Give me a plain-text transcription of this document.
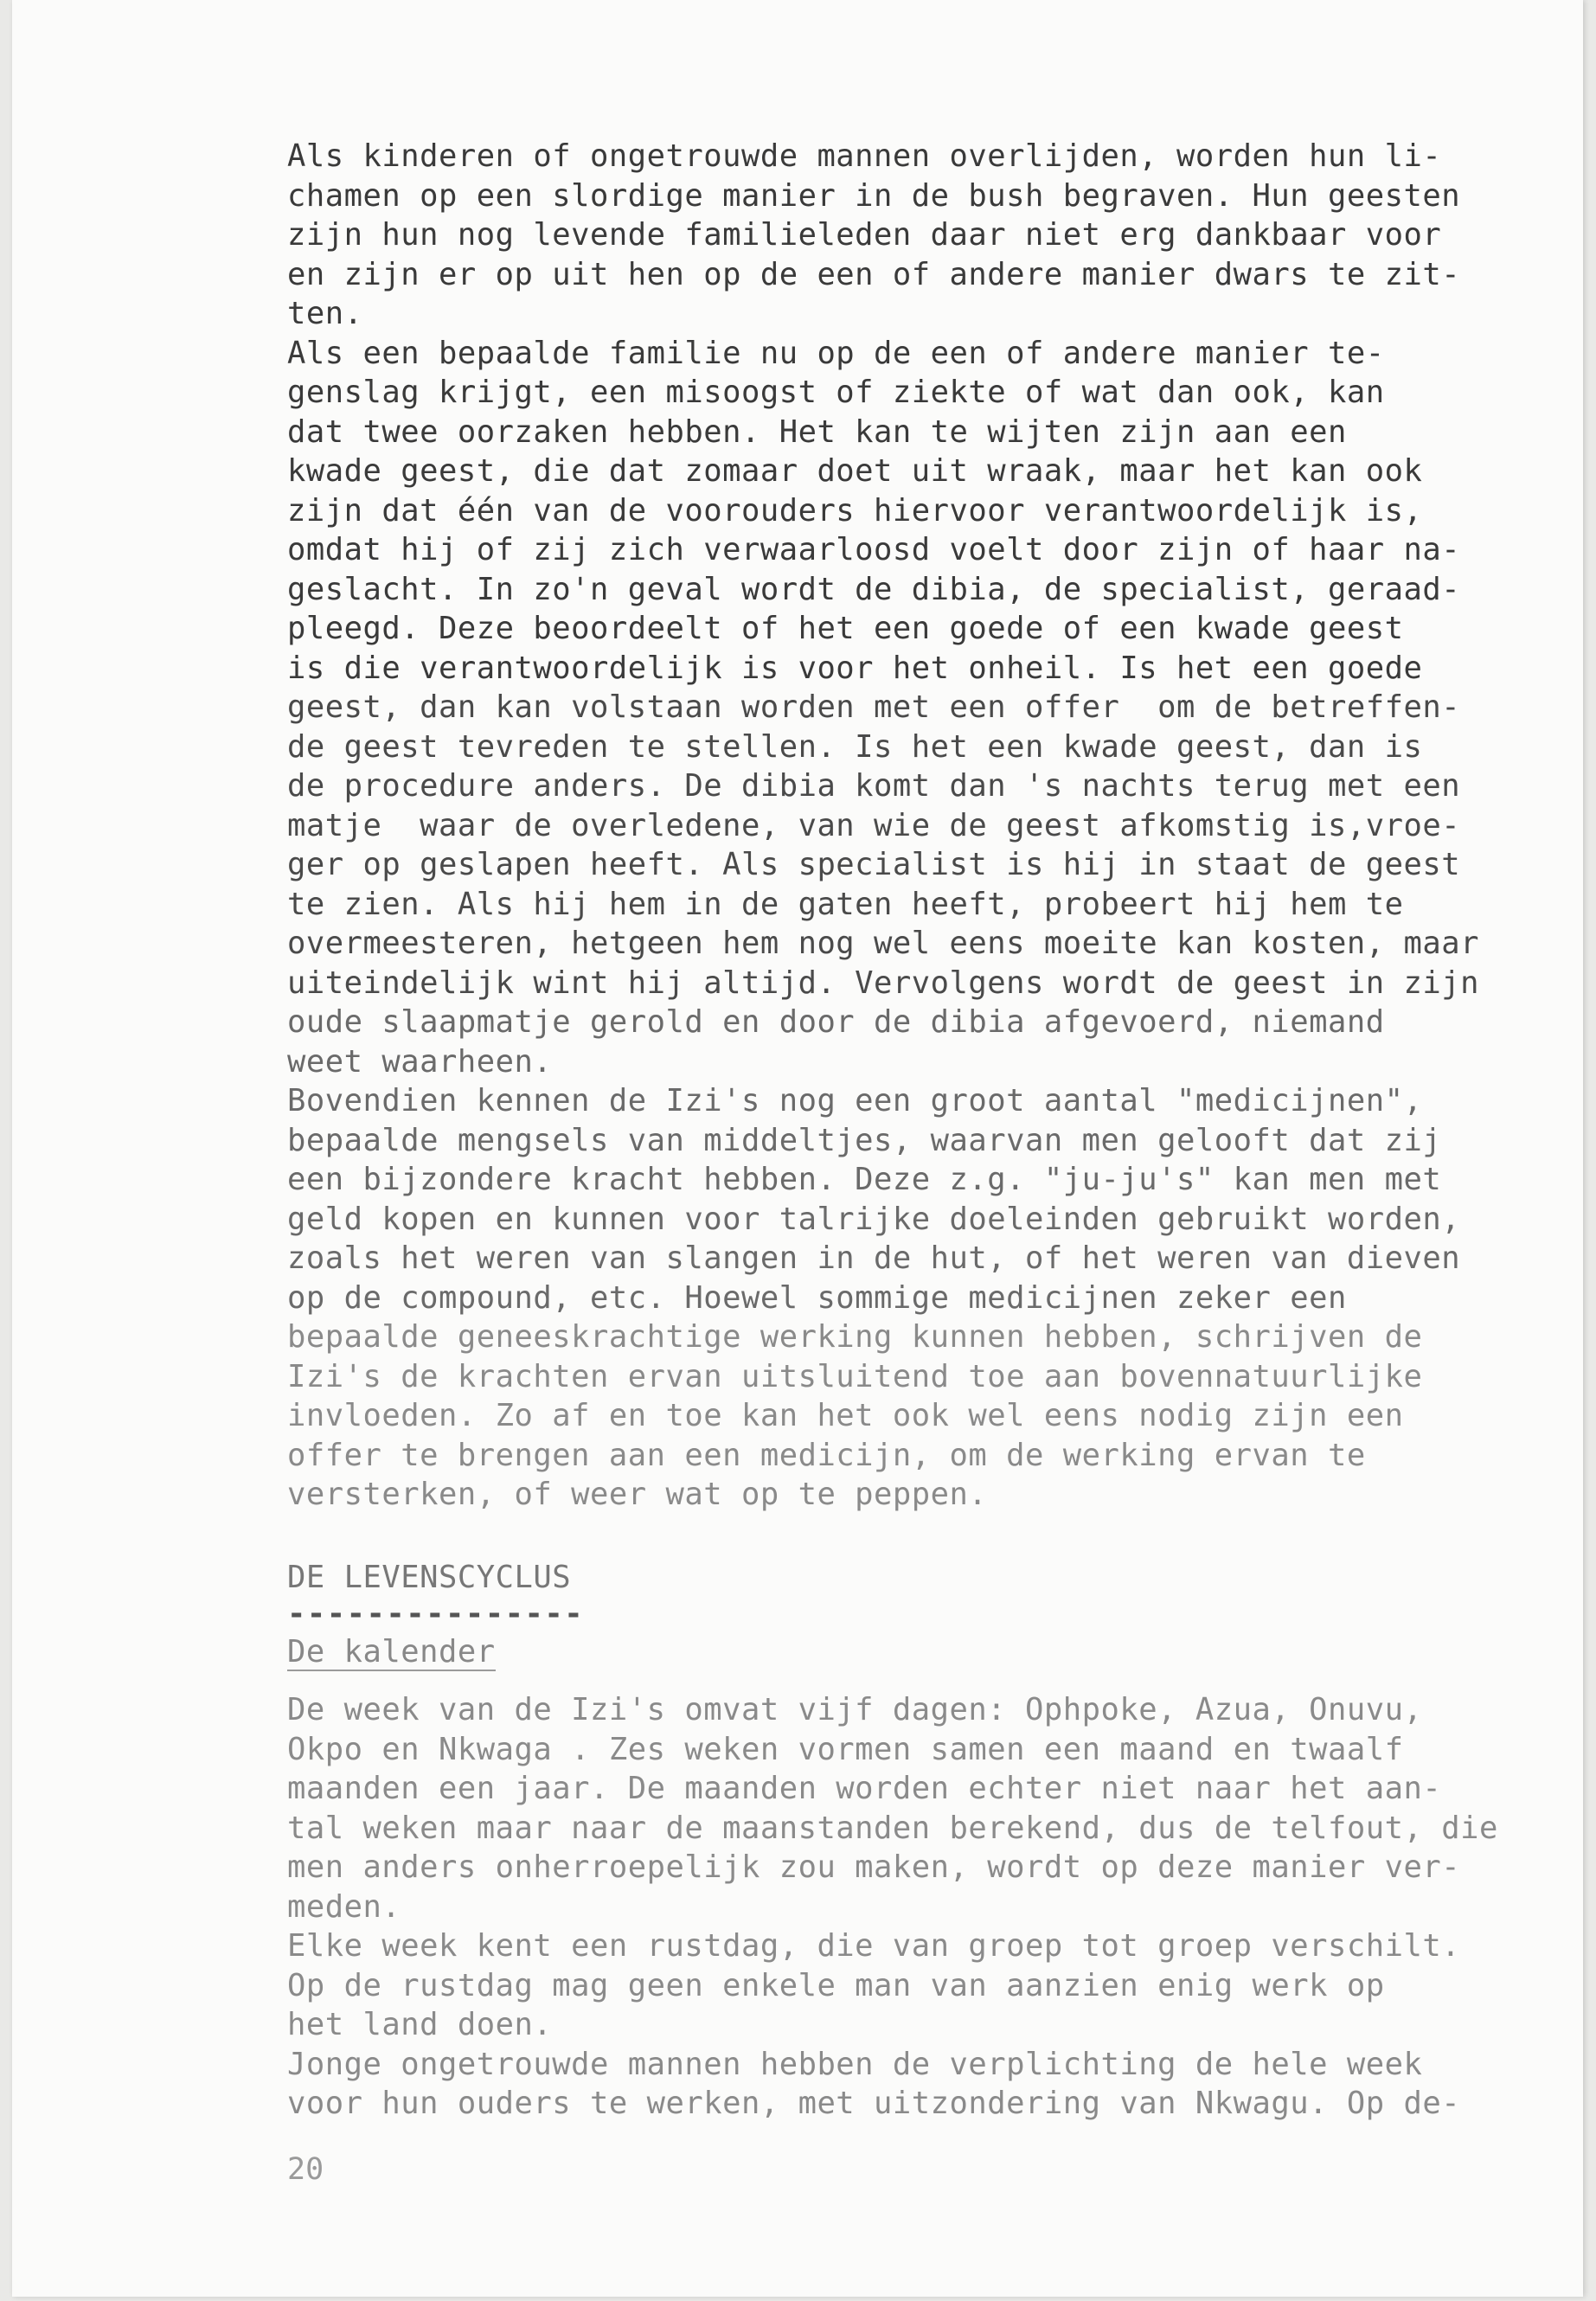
Als kinderen of ongetrouwde mannen overlijden, worden hun li-
chamen op een slordige manier in de bush begraven. Hun geesten
zijn hun nog levende familieleden daar niet erg dankbaar voor
en zijn er op uit hen op de een of andere manier dwars te zit-
ten.
Als een bepaalde familie nu op de een of andere manier te-
genslag krijgt, een misoogst of ziekte of wat dan ook, kan
dat twee oorzaken hebben. Het kan te wijten zijn aan een
kwade geest, die dat zomaar doet uit wraak, maar het kan ook
zijn dat één van de voorouders hiervoor verantwoordelijk is,
omdat hij of zij zich verwaarloosd voelt door zijn of haar na-
geslacht. In zo'n geval wordt de dibia, de specialist, geraad-
pleegd. Deze beoordeelt of het een goede of een kwade geest
is die verantwoordelijk is voor het onheil. Is het een goede
geest, dan kan volstaan worden met een offer  om de betreffen-
de geest tevreden te stellen. Is het een kwade geest, dan is
de procedure anders. De dibia komt dan 's nachts terug met een
matje  waar de overledene, van wie de geest afkomstig is,vroe-
ger op geslapen heeft. Als specialist is hij in staat de geest
te zien. Als hij hem in de gaten heeft, probeert hij hem te
overmeesteren, hetgeen hem nog wel eens moeite kan kosten, maar
uiteindelijk wint hij altijd. Vervolgens wordt de geest in zijn
oude slaapmatje gerold en door de dibia afgevoerd, niemand
weet waarheen.
Bovendien kennen de Izi's nog een groot aantal "medicijnen",
bepaalde mengsels van middeltjes, waarvan men gelooft dat zij
een bijzondere kracht hebben. Deze z.g. "ju-ju's" kan men met
geld kopen en kunnen voor talrijke doeleinden gebruikt worden,
zoals het weren van slangen in de hut, of het weren van dieven
op de compound, etc. Hoewel sommige medicijnen zeker een
bepaalde geneeskrachtige werking kunnen hebben, schrijven de
Izi's de krachten ervan uitsluitend toe aan bovennatuurlijke
invloeden. Zo af en toe kan het ook wel eens nodig zijn een
offer te brengen aan een medicijn, om de werking ervan te
versterken, of weer wat op te peppen.
DE LEVENSCYCLUS
---------------
De kalender
De week van de Izi's omvat vijf dagen: Ophpoke, Azua, Onuvu,
Okpo en Nkwaga . Zes weken vormen samen een maand en twaalf
maanden een jaar. De maanden worden echter niet naar het aan-
tal weken maar naar de maanstanden berekend, dus de telfout, die
men anders onherroepelijk zou maken, wordt op deze manier ver-
meden.
Elke week kent een rustdag, die van groep tot groep verschilt.
Op de rustdag mag geen enkele man van aanzien enig werk op
het land doen.
Jonge ongetrouwde mannen hebben de verplichting de hele week
voor hun ouders te werken, met uitzondering van Nkwagu. Op de-
20
